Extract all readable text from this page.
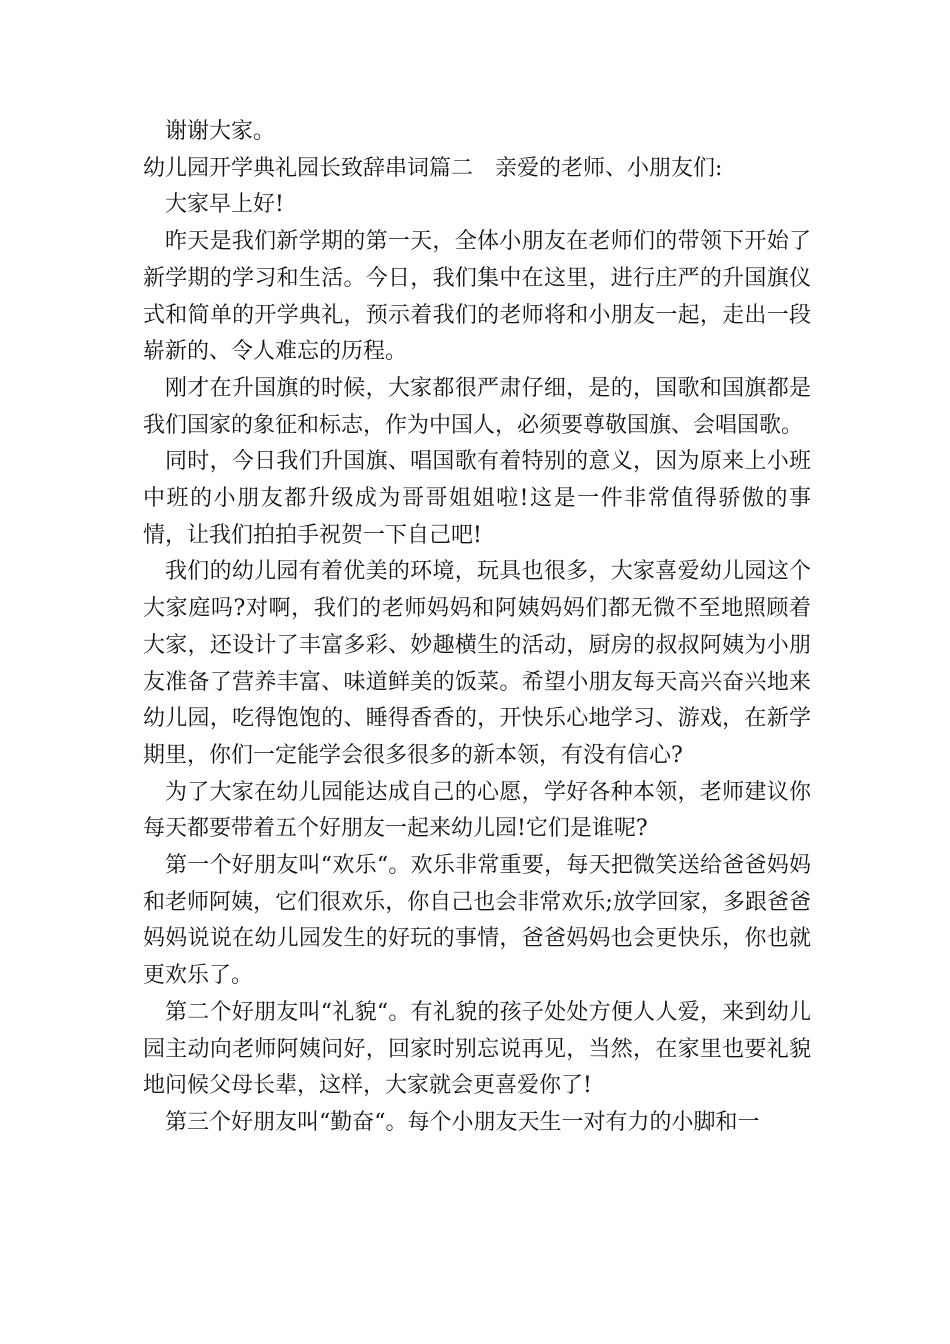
谢谢大家。

幼儿园开学典礼园长致辞串词篇二 亲爱的老师、小朋友们:

大家早上好!

昨天是我们新学期的第一天，全体小朋友在老师们的带领下开始了新学期的学习和生活。今日，我们集中在这里，进行庄严的升国旗仪式和简单的开学典礼，预示着我们的老师将和小朋友一起，走出一段崭新的、令人难忘的历程。

刚才在升国旗的时候，大家都很严肃仔细，是的，国歌和国旗都是我们国家的象征和标志，作为中国人，必须要尊敬国旗、会唱国歌。

同时，今日我们升国旗、唱国歌有着特别的意义，因为原来上小班中班的小朋友都升级成为哥哥姐姐啦!这是一件非常值得骄傲的事情，让我们拍拍手祝贺一下自己吧!

我们的幼儿园有着优美的环境，玩具也很多，大家喜爱幼儿园这个大家庭吗?对啊，我们的老师妈妈和阿姨妈妈们都无微不至地照顾着大家，还设计了丰富多彩、妙趣横生的活动，厨房的叔叔阿姨为小朋友准备了营养丰富、味道鲜美的饭菜。希望小朋友每天高兴奋兴地来幼儿园，吃得饱饱的、睡得香香的，开快乐心地学习、游戏，在新学期里，你们一定能学会很多很多的新本领，有没有信心?

为了大家在幼儿园能达成自己的心愿，学好各种本领，老师建议你每天都要带着五个好朋友一起来幼儿园!它们是谁呢?

第一个好朋友叫“欢乐“。欢乐非常重要，每天把微笑送给爸爸妈妈和老师阿姨，它们很欢乐，你自己也会非常欢乐;放学回家，多跟爸爸妈妈说说在幼儿园发生的好玩的事情，爸爸妈妈也会更快乐，你也就更欢乐了。

第二个好朋友叫“礼貌“。有礼貌的孩子处处方便人人爱，来到幼儿园主动向老师阿姨问好，回家时别忘说再见，当然，在家里也要礼貌地问候父母长辈，这样，大家就会更喜爱你了!

第三个好朋友叫“勤奋“。每个小朋友天生一对有力的小脚和一
